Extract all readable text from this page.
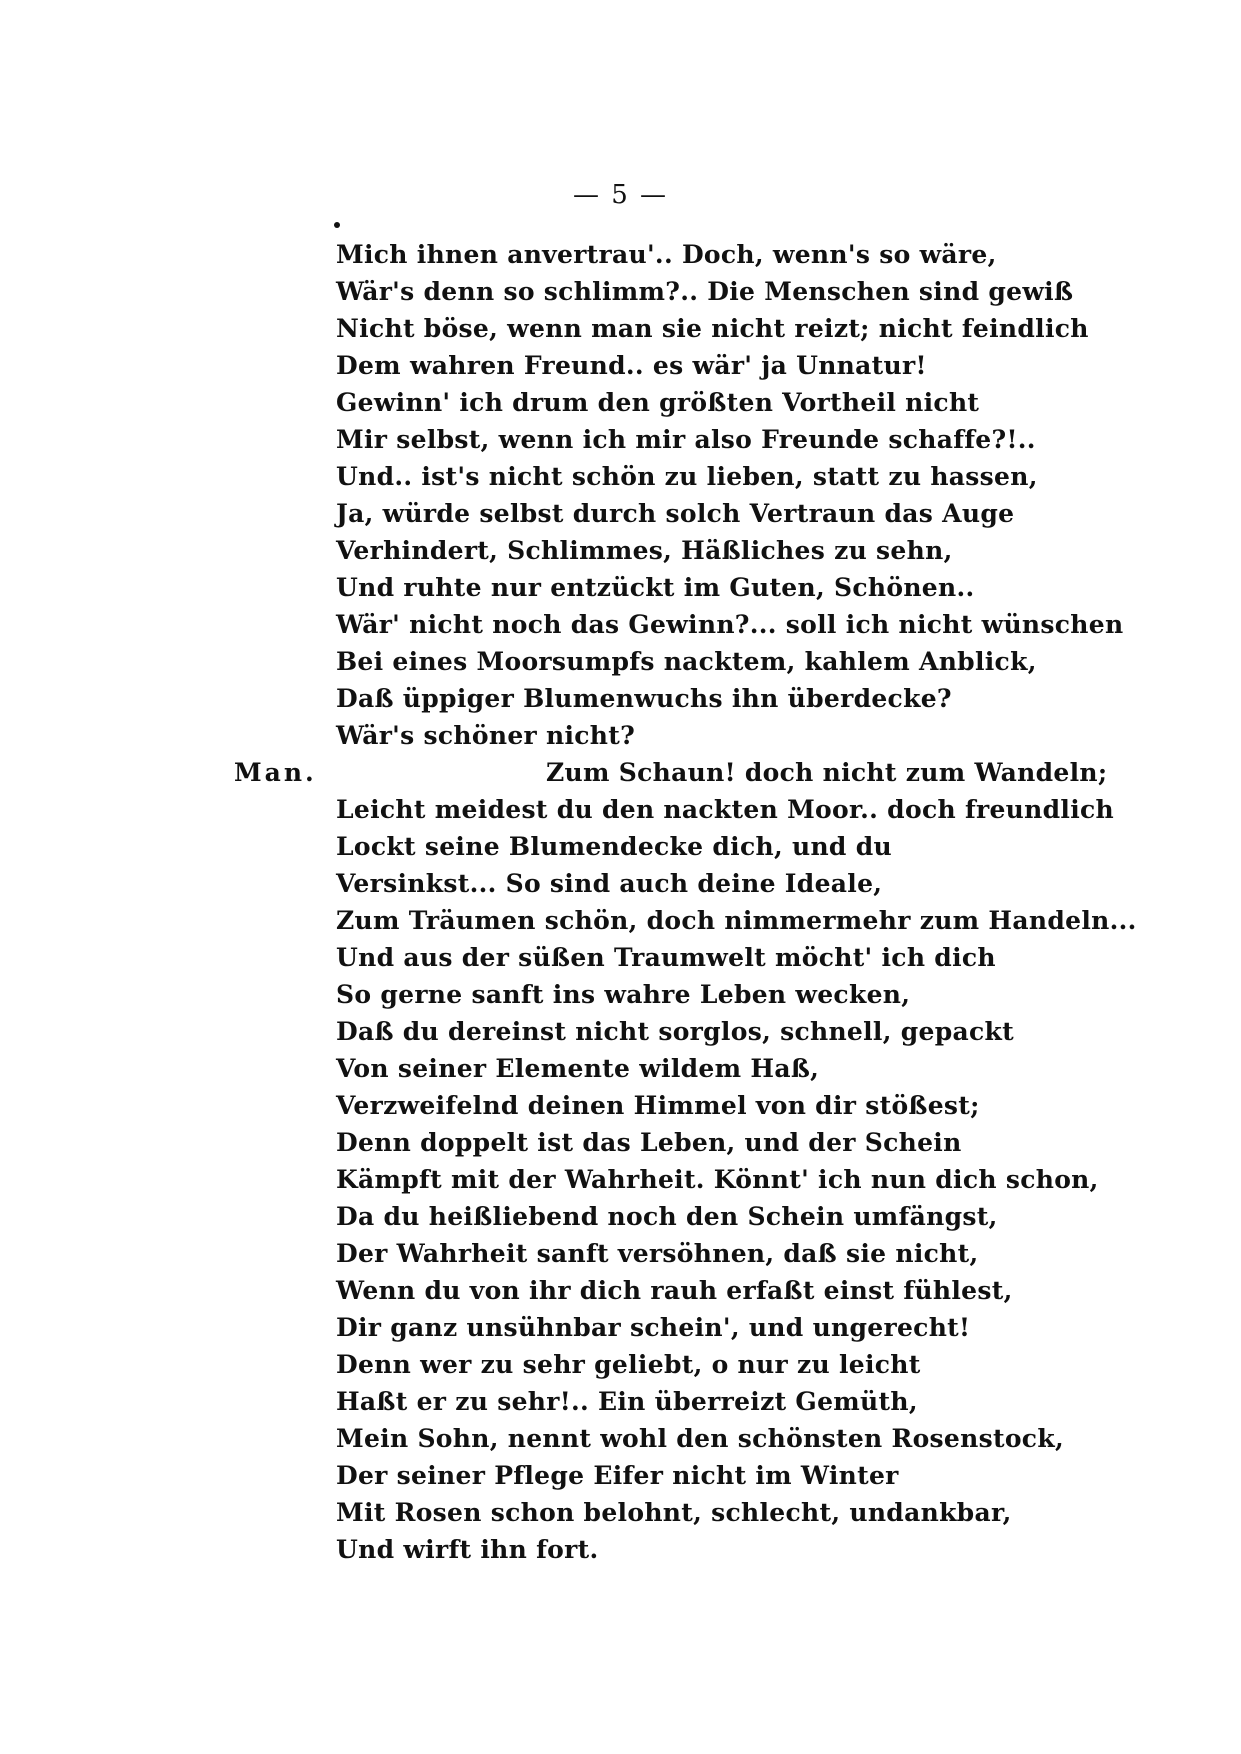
— 5 —
Mich ihnen anvertrau'.. Doch, wenn's so wäre,
Wär's denn so schlimm?.. Die Menschen sind gewiß
Nicht böse, wenn man sie nicht reizt; nicht feindlich
Dem wahren Freund.. es wär' ja Unnatur!
Gewinn' ich drum den größten Vortheil nicht
Mir selbst, wenn ich mir also Freunde schaffe?!..
Und.. ist's nicht schön zu lieben, statt zu hassen,
Ja, würde selbst durch solch Vertraun das Auge
Verhindert, Schlimmes, Häßliches zu sehn,
Und ruhte nur entzückt im Guten, Schönen..
Wär' nicht noch das Gewinn?... soll ich nicht wünschen
Bei eines Moorsumpfs nacktem, kahlem Anblick,
Daß üppiger Blumenwuchs ihn überdecke?
Wär's schöner nicht?
Man.	Zum Schaun! doch nicht zum Wandeln;
Leicht meidest du den nackten Moor.. doch freundlich
Lockt seine Blumendecke dich, und du
Versinkst... So sind auch deine Ideale,
Zum Träumen schön, doch nimmermehr zum Handeln...
Und aus der süßen Traumwelt möcht' ich dich
So gerne sanft ins wahre Leben wecken,
Daß du dereinst nicht sorglos, schnell, gepackt
Von seiner Elemente wildem Haß,
Verzweifelnd deinen Himmel von dir stößest;
Denn doppelt ist das Leben, und der Schein
Kämpft mit der Wahrheit. Könnt' ich nun dich schon,
Da du heißliebend noch den Schein umfängst,
Der Wahrheit sanft versöhnen, daß sie nicht,
Wenn du von ihr dich rauh erfaßt einst fühlest,
Dir ganz unsühnbar schein', und ungerecht!
Denn wer zu sehr geliebt, o nur zu leicht
Haßt er zu sehr!.. Ein überreizt Gemüth,
Mein Sohn, nennt wohl den schönsten Rosenstock,
Der seiner Pflege Eifer nicht im Winter
Mit Rosen schon belohnt, schlecht, undankbar,
Und wirft ihn fort.
